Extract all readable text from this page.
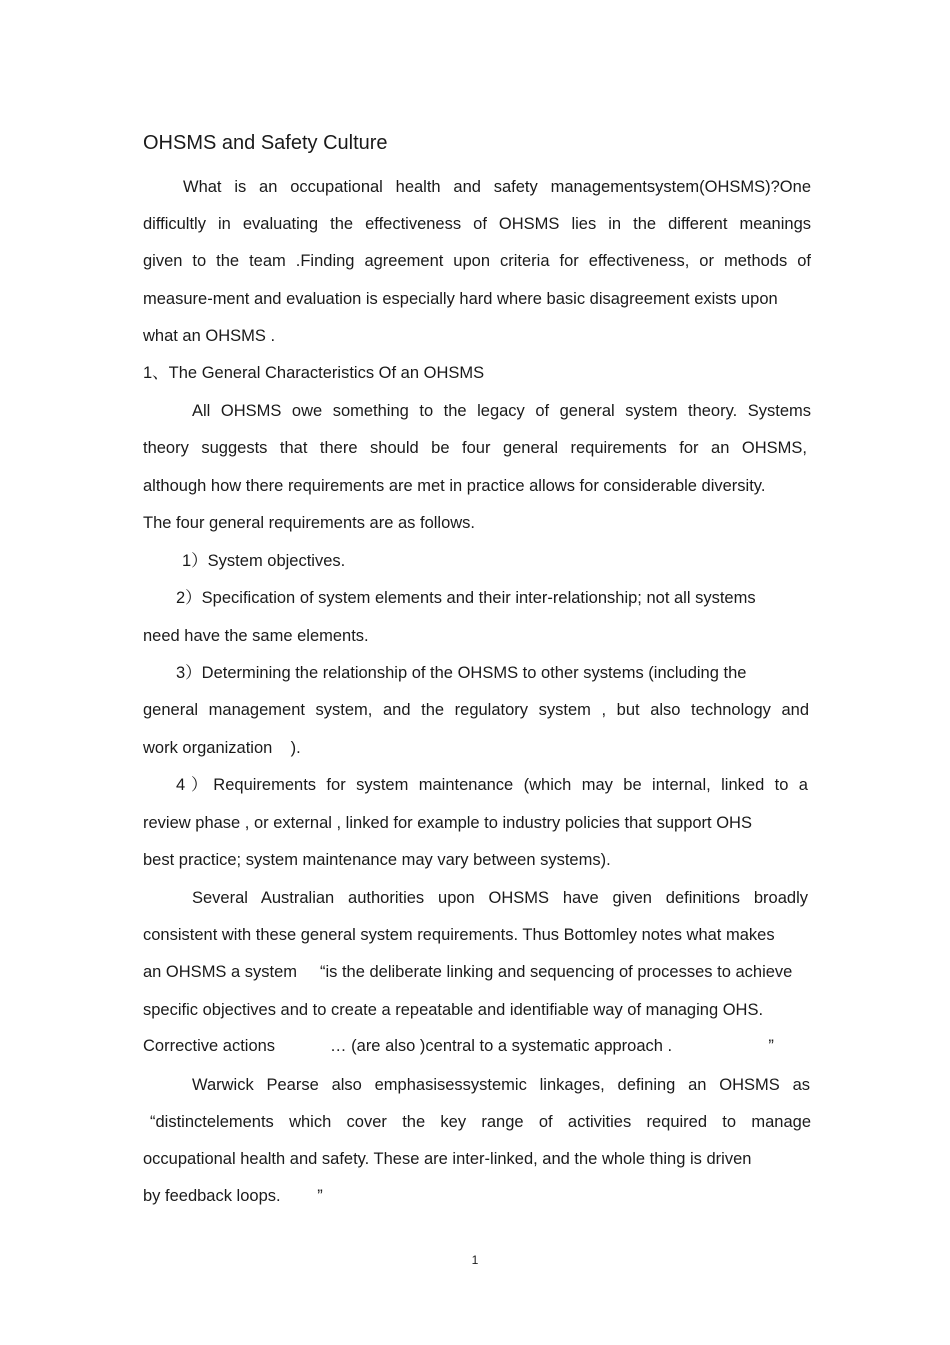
OHSMS and Safety Culture
What is an occupational health and safety managementsystem(OHSMS)?One
difficultly in evaluating the effectiveness of OHSMS lies in the different meanings
given to the team .Finding agreement upon criteria for effectiveness, or methods of
measure-ment and evaluation is especially hard where basic disagreement exists upon
what an OHSMS .
1、The General Characteristics Of an OHSMS
All OHSMS owe something to the legacy of general system theory. Systems
theory suggests that there should be four general requirements for an OHSMS,
although how there requirements are met in practice allows for considerable diversity.
The four general requirements are as follows.
1）System objectives.
2）Specification of system elements and their inter-relationship; not all systems
need have the same elements.
3）Determining the relationship of the OHSMS to other systems (including the
general management system, and the regulatory system , but also technology and
work organization    ).
4）Requirements for system maintenance (which may be internal, linked to a
review phase , or external , linked for example to industry policies that support OHS
best practice; system maintenance may vary between systems).
Several Australian authorities upon OHSMS have given definitions broadly
consistent with these general system requirements. Thus Bottomley notes what makes
an OHSMS a system     “is the deliberate linking and sequencing of processes to achieve
specific objectives and to create a repeatable and identifiable way of managing OHS.
Corrective actions            … (are also )central to a systematic approach .                     ”
Warwick Pearse also emphasisessystemic linkages, defining an OHSMS as
“distinctelements which cover the key range of activities required to manage
occupational health and safety. These are inter-linked, and the whole thing is driven
by feedback loops.        ”
1
